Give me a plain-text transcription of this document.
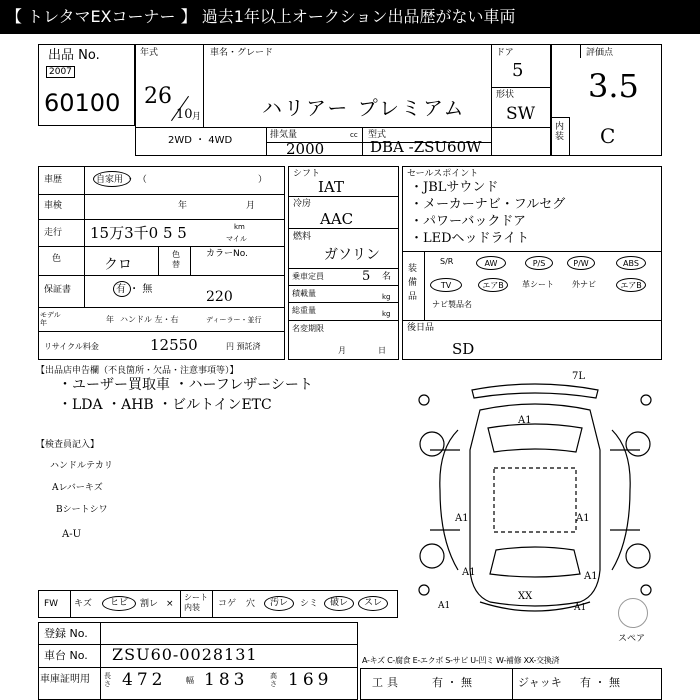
【 トレタマEXコーナー 】 過去1年以上オークション出品歴がない車両
出品 No.
2007
60100
年式
26
10 月
車名・グレード
ハリアー プレミアム
ドア
5
形状
SW
2WD ・ 4WD	排気量	cc
2000
型式
DBA -ZSU60W
評価点
3.5
内装 C
車歴	自家用 ・ （	）
車検	年	月
走行 15万3千0 5 5	km
マイル
色	クロ
色替
カラーNo.
保証書	有 ・ 無	220
モデル年	年 ハンドル 左・右	ディーラー・並行
リサイクル料金	12550	円 預託済
シフト
IAT
冷房
AAC
燃料
ガソリン
乗車定員	5 名
積載量	kg
総重量	kg
名変期限
月	日
セールスポイント
・JBLサウンド
・メーカーナビ・フルセグ
・パワーバックドア
・LEDヘッドライト
装備品
S/R	AW	P/S	P/W	ABS
TV	エアB	革シート 外ナビ	エアB
ナビ製品名
後日品
SD
【出品店申告欄（不良箇所・欠品・注意事項等）】
・ユーザー買取車 ・ハーフレザーシート
・LDA ・AHB ・ビルトインETC
【検査員記入】
ハンドルテカリ
Aレバーキズ
Bシートシワ
A-U
A1
A1	A1
A1	A1
A1
XX
A1
7L
スペア
FW キズ	ヒビ	割レ ×
シート内装	コゲ 穴	汚レ	シミ	破レ	スレ
登録 No.
車台 No. ZSU60-0028131
車庫証明用 長さ 472 幅 183	高さ 169
A-キズ C-腐食 E-エクボ S-サビ U-凹ミ W-補修 XX-交換済
工具	有 ・ 無	ジャッキ 有 ・ 無
